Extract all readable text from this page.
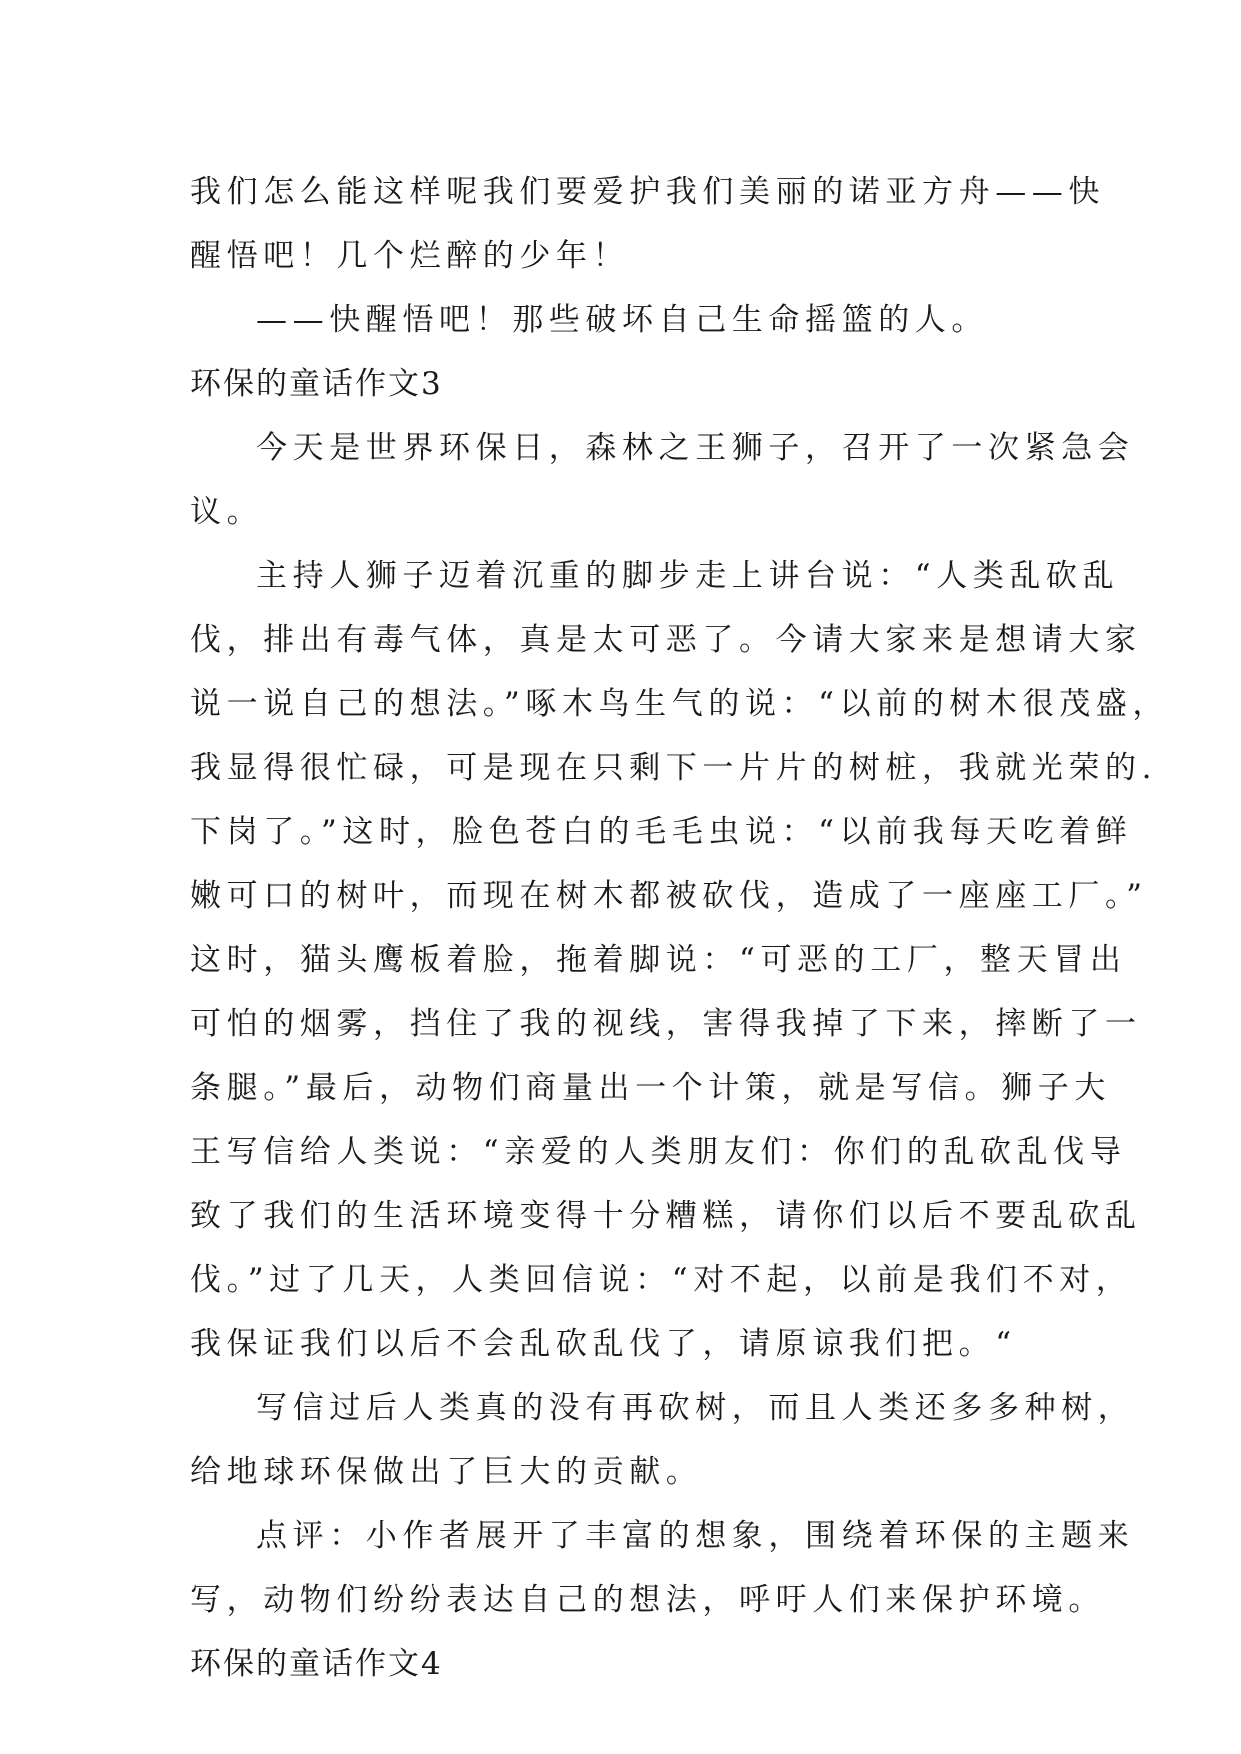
我们怎么能这样呢我们要爱护我们美丽的诺亚方舟——快
醒悟吧！几个烂醉的少年！
——快醒悟吧！那些破坏自己生命摇篮的人。
环保的童话作文3
今天是世界环保日，森林之王狮子，召开了一次紧急会
议。
主持人狮子迈着沉重的脚步走上讲台说：“人类乱砍乱
伐，排出有毒气体，真是太可恶了。今请大家来是想请大家
说一说自己的想法。”啄木鸟生气的说：“以前的树木很茂盛，
我显得很忙碌，可是现在只剩下一片片的树桩，我就光荣的.
下岗了。”这时，脸色苍白的毛毛虫说：“以前我每天吃着鲜
嫩可口的树叶，而现在树木都被砍伐，造成了一座座工厂。”
这时，猫头鹰板着脸，拖着脚说：“可恶的工厂，整天冒出
可怕的烟雾，挡住了我的视线，害得我掉了下来，摔断了一
条腿。”最后，动物们商量出一个计策，就是写信。狮子大
王写信给人类说：“亲爱的人类朋友们：你们的乱砍乱伐导
致了我们的生活环境变得十分糟糕，请你们以后不要乱砍乱
伐。”过了几天，人类回信说：“对不起，以前是我们不对，
我保证我们以后不会乱砍乱伐了，请原谅我们把。“
写信过后人类真的没有再砍树，而且人类还多多种树，
给地球环保做出了巨大的贡献。
点评：小作者展开了丰富的想象，围绕着环保的主题来
写，动物们纷纷表达自己的想法，呼吁人们来保护环境。
环保的童话作文4
